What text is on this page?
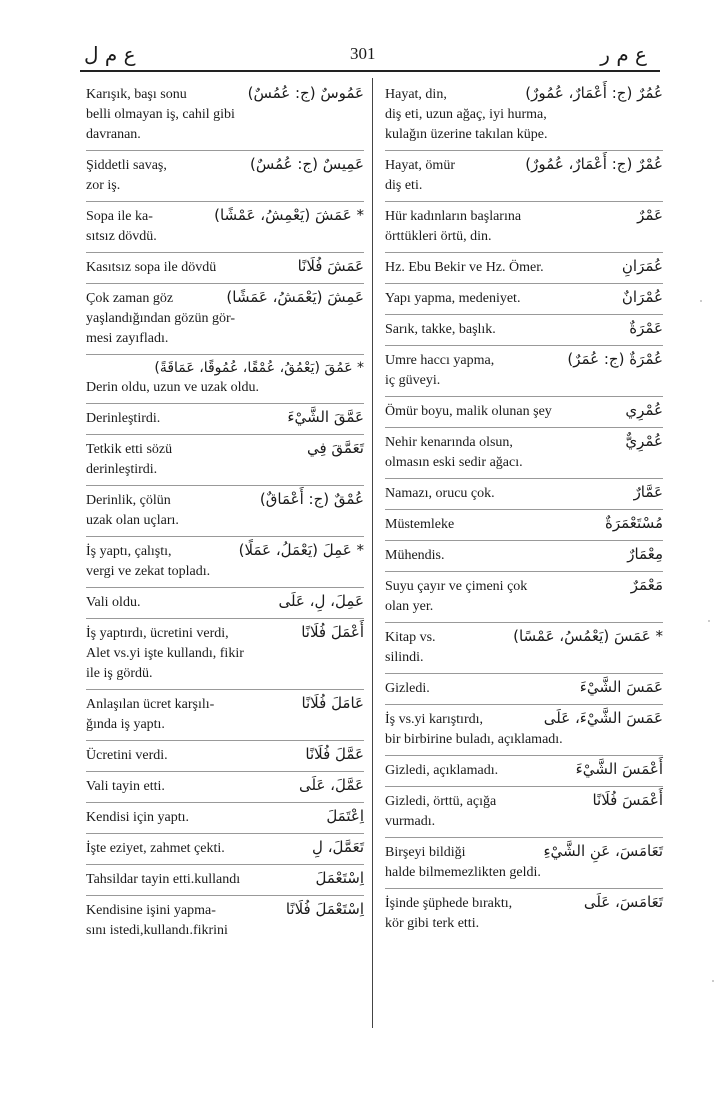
ع م ل	301	ع م ر
Karışık, başı sonu	عَمُوسٌ (ج: عُمُسٌ)
belli olmayan iş, cahil gibi
davranan.
Şiddetli savaş,	عَمِيسٌ (ج: عُمُسٌ)
zor iş.
Sopa ile ka-	* عَمَشَ (يَعْمِشُ، عَمْشًا)
sıtsız dövdü.
Kasıtsız sopa ile dövdü	عَمَشَ فُلَانًا
Çok zaman göz	عَمِشَ (يَعْمَشُ، عَمَشًا)
yaşlandığından gözün gör-
mesi zayıfladı.
* عَمُقَ (يَعْمُقُ، عُمْقًا، عُمُوقًا، عَمَاقَةً)
Derin oldu, uzun ve uzak oldu.
Derinleştirdi.	عَمَّقَ الشَّيْءَ
Tetkik etti sözü	تَعَمَّقَ فِي
derinleştirdi.
Derinlik, çölün	عُمْقٌ (ج: أَعْمَاقٌ)
uzak olan uçları.
İş yaptı, çalıştı,	* عَمِلَ (يَعْمَلُ، عَمَلًا)
vergi ve zekat topladı.
Vali oldu.	عَمِلَ، لِ، عَلَى
İş yaptırdı, ücretini verdi,	أَعْمَلَ فُلَانًا
Alet vs.yi işte kullandı, fikir
ile iş gördü.
Anlaşılan ücret karşılı-	عَامَلَ فُلَانًا
ğında iş yaptı.
Ücretini verdi.	عَمَّلَ فُلَانًا
Vali tayin etti.	عَمَّلَ، عَلَى
Kendisi için yaptı.	اِعْتَمَلَ
İşte eziyet, zahmet çekti.	تَعَمَّلَ، لِ
Tahsildar tayin etti.kullandı	اِسْتَعْمَلَ
Kendisine işini yapma-	اِسْتَعْمَلَ فُلَانًا
sını istedi,kullandı.fikrini
Hayat, din,	عُمُرٌ (ج: أَعْمَارٌ، عُمُورٌ)
diş eti, uzun ağaç, iyi hurma,
kulağın üzerine takılan küpe.
Hayat, ömür	عُمْرٌ (ج: أَعْمَارٌ، عُمُورٌ)
diş eti.
Hür kadınların başlarına	عَمْرٌ
örttükleri örtü, din.
Hz. Ebu Bekir ve Hz. Ömer.	عُمَرَانِ
Yapı yapma, medeniyet.	عُمْرَانٌ
Sarık, takke, başlık.	عَمْرَةٌ
Umre haccı yapma,	عُمْرَةٌ (ج: عُمَرٌ)
iç güveyi.
Ömür boyu, malik olunan şey	عُمْرِي
Nehir kenarında olsun,	عُمْرِيٌّ
olmasın eski sedir ağacı.
Namazı, orucu çok.	عَمَّارٌ
Müstemleke	مُسْتَعْمَرَةٌ
Mühendis.	مِعْمَارٌ
Suyu çayır ve çimeni çok	مَعْمَرٌ
olan yer.
Kitap vs.	* عَمَسَ (يَعْمُسُ، عَمْسًا)
silindi.
Gizledi.	عَمَسَ الشَّيْءَ
İş vs.yi karıştırdı,	عَمَسَ الشَّيْءَ، عَلَى
bir birbirine buladı, açıklamadı.
Gizledi, açıklamadı.	أَعْمَسَ الشَّيْءَ
Gizledi, örttü, açığa	أَعْمَسَ فُلَانًا
vurmadı.
Birşeyi bildiği	تَعَامَسَ، عَنِ الشَّيْءِ
halde bilmemezlikten geldi.
İşinde şüphede bıraktı,	تَعَامَسَ، عَلَى
kör gibi terk etti.
